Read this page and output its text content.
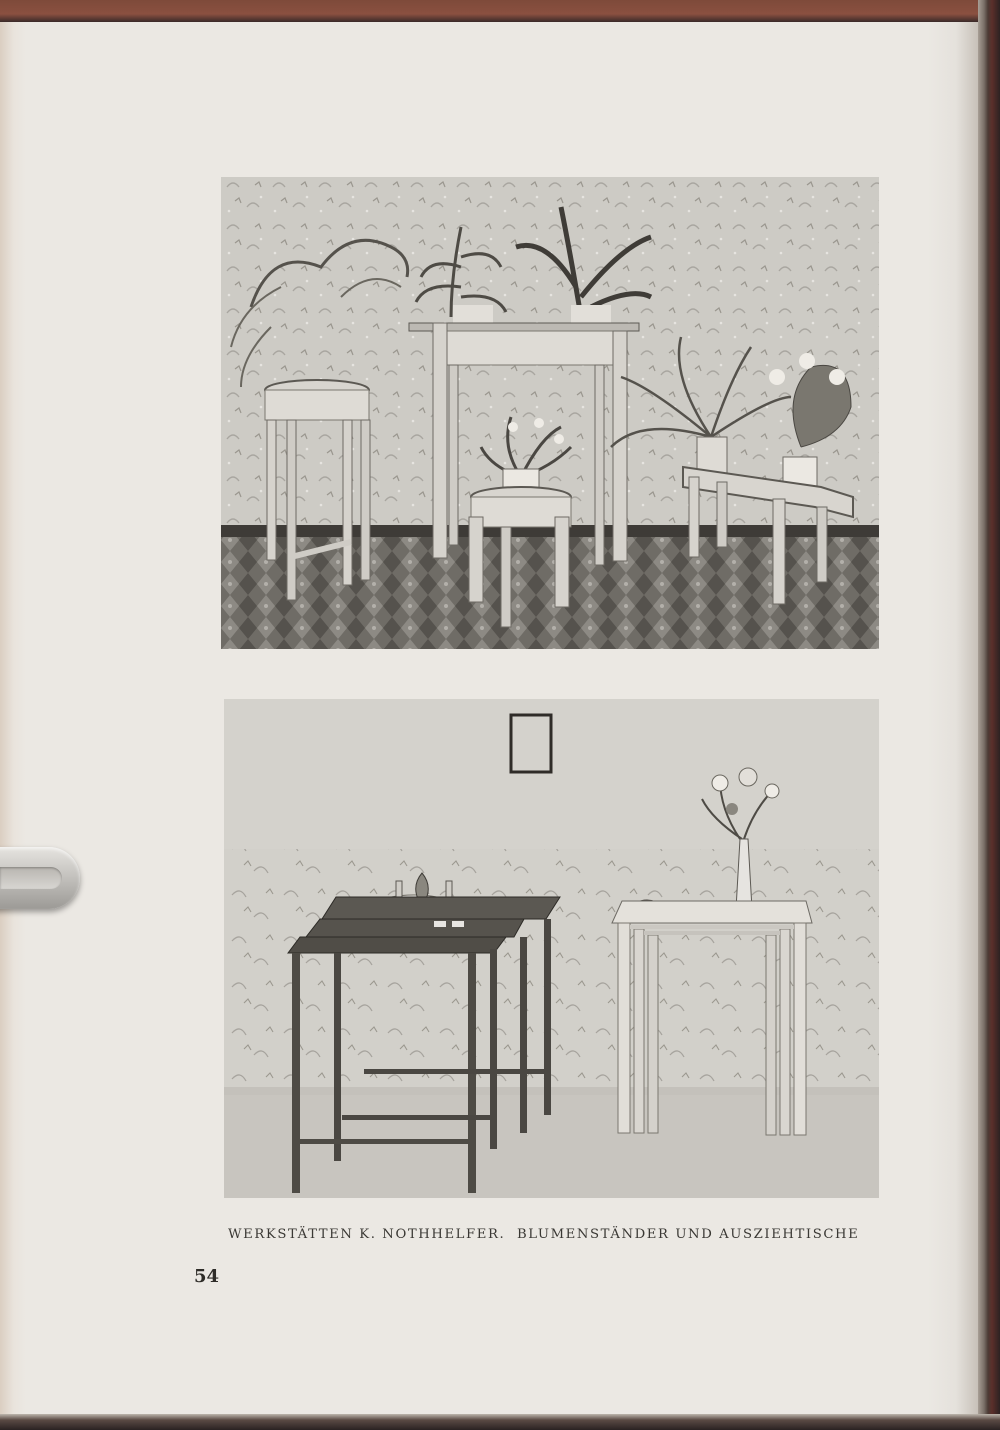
WERKSTÄTTEN K. NOTHHELFER. BLUMENSTÄNDER UND AUSZIEHTISCHE
54
